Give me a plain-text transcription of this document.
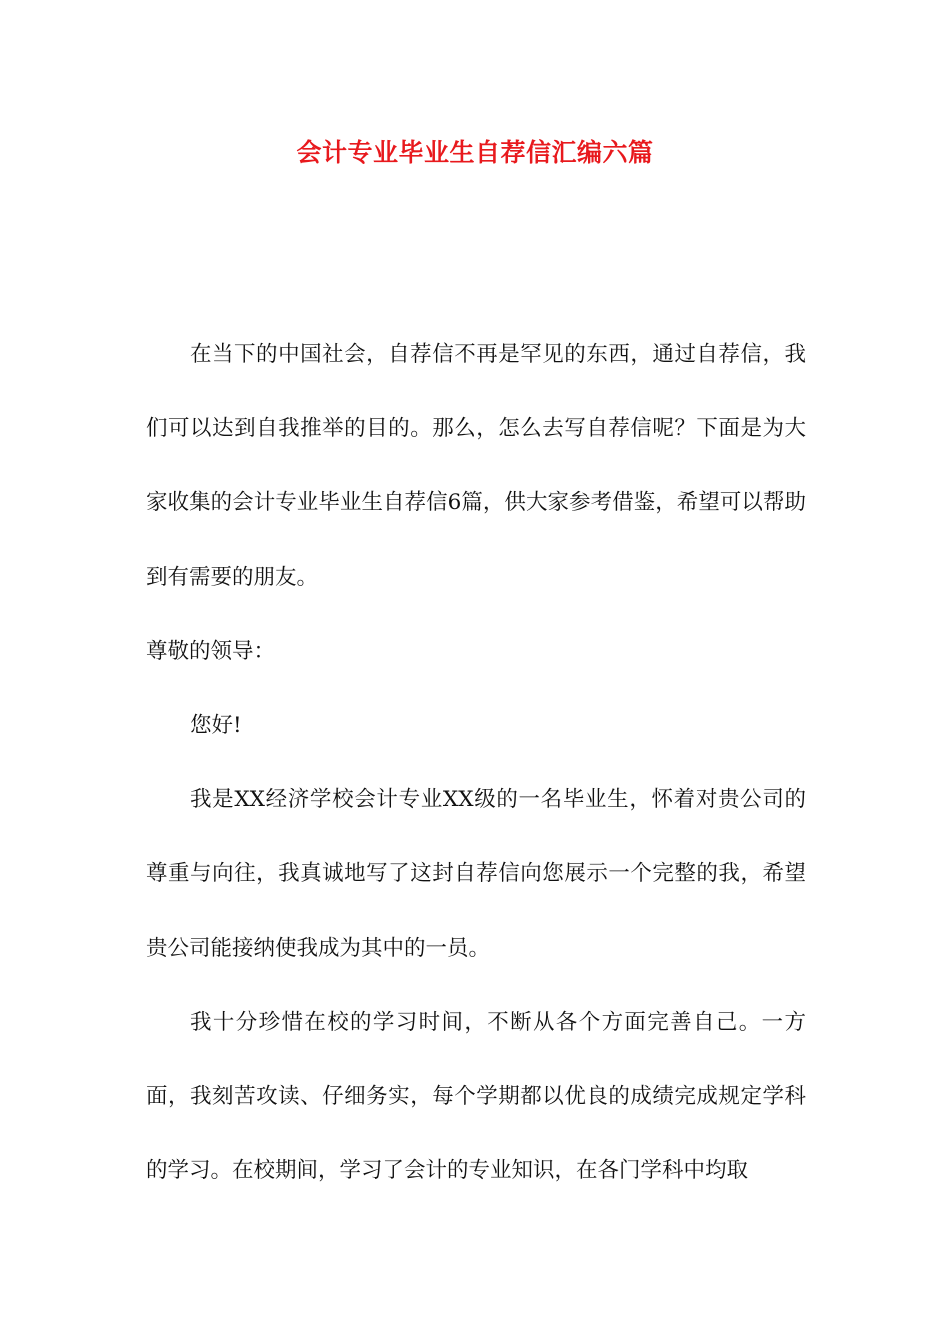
会计专业毕业生自荐信汇编六篇

在当下的中国社会，自荐信不再是罕见的东西，通过自荐信，我们可以达到自我推举的目的。那么，怎么去写自荐信呢？下面是为大家收集的会计专业毕业生自荐信6篇，供大家参考借鉴，希望可以帮助到有需要的朋友。

尊敬的领导：

您好!

我是XX经济学校会计专业XX级的一名毕业生，怀着对贵公司的尊重与向往，我真诚地写了这封自荐信向您展示一个完整的我，希望贵公司能接纳使我成为其中的一员。

我十分珍惜在校的学习时间，不断从各个方面完善自己。一方面，我刻苦攻读、仔细务实，每个学期都以优良的成绩完成规定学科的学习。在校期间，学习了会计的专业知识，在各门学科中均取
